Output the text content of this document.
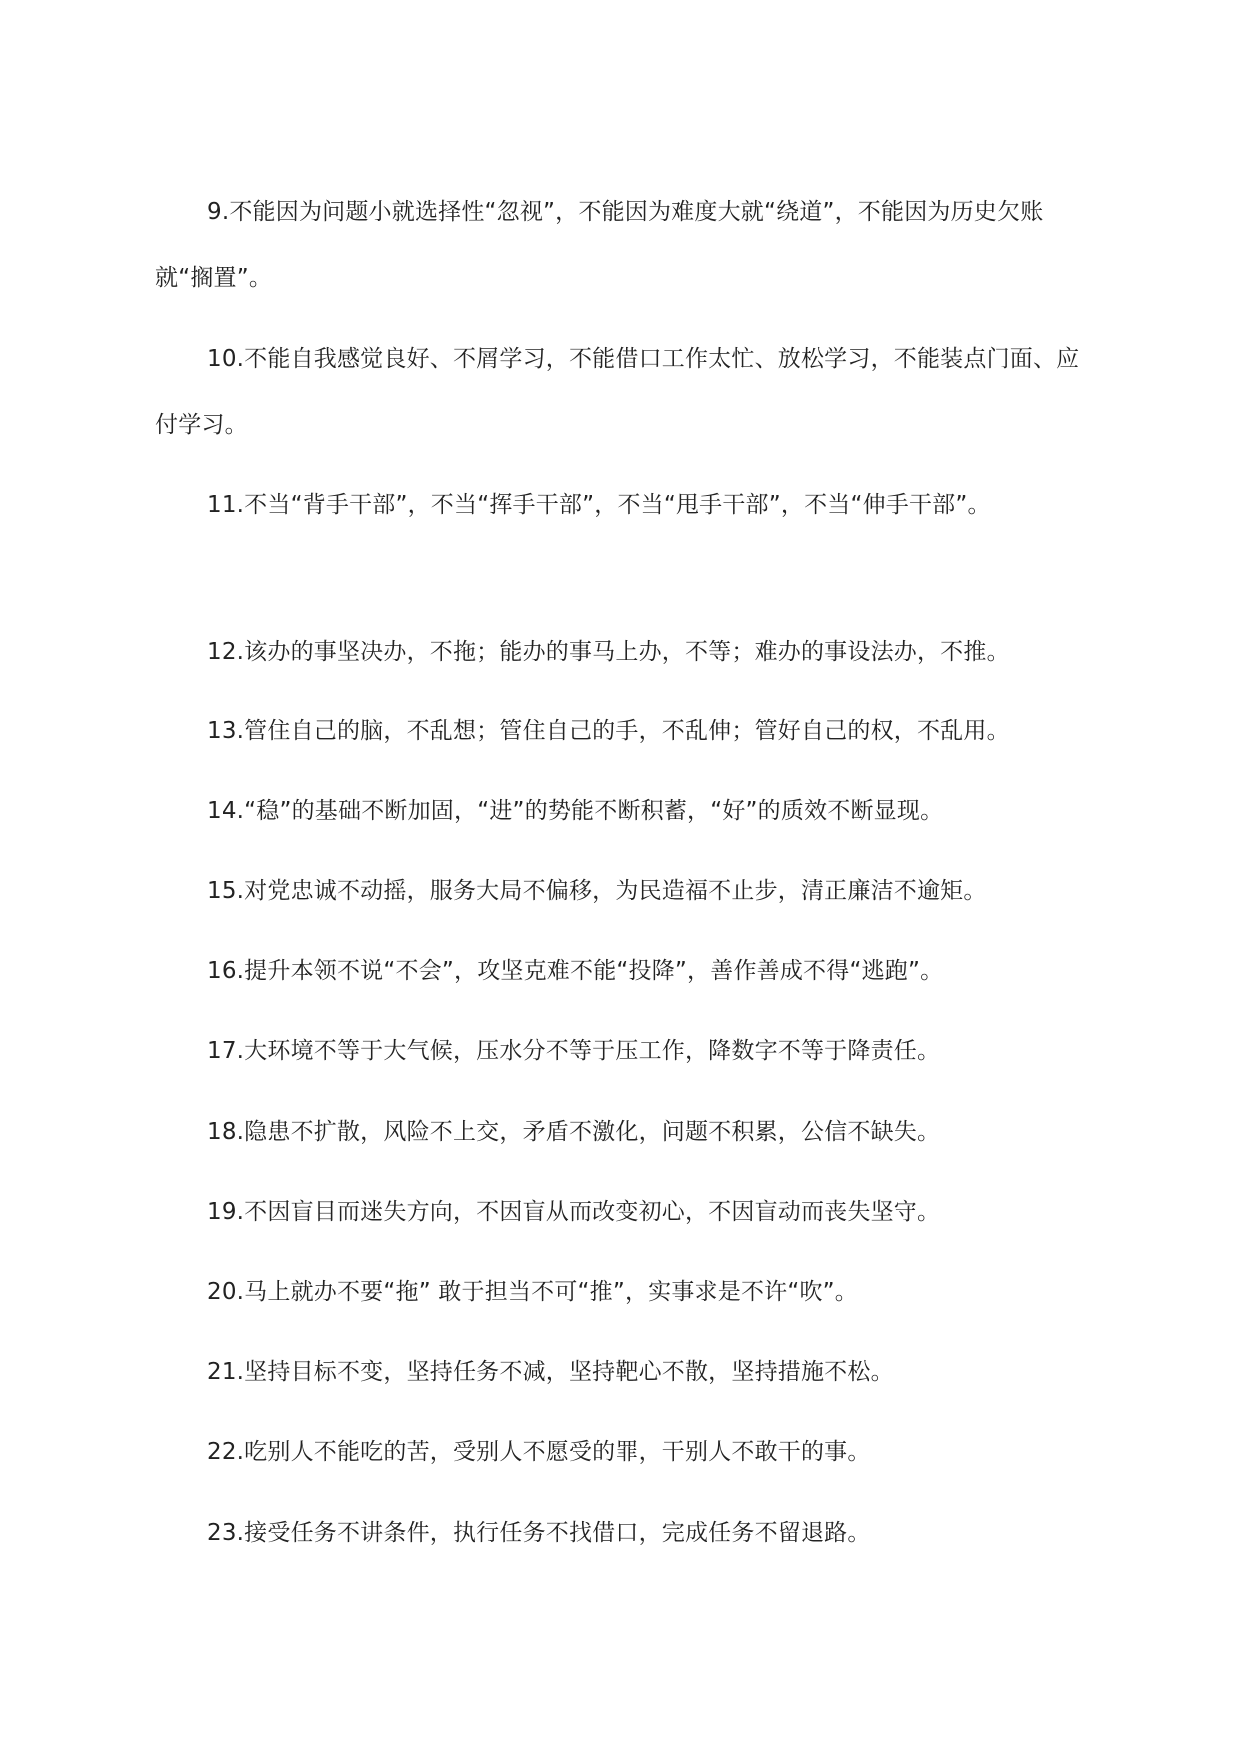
9.不能因为问题小就选择性“忽视”，不能因为难度大就“绕道”，不能因为历史欠账就“搁置”。

10.不能自我感觉良好、不屑学习，不能借口工作太忙、放松学习，不能装点门面、应付学习。

11.不当“背手干部”，不当“挥手干部”，不当“甩手干部”，不当“伸手干部”。

12.该办的事坚决办，不拖；能办的事马上办，不等；难办的事设法办，不推。

13.管住自己的脑，不乱想；管住自己的手，不乱伸；管好自己的权，不乱用。

14.“稳”的基础不断加固，“进”的势能不断积蓄，“好”的质效不断显现。

15.对党忠诚不动摇，服务大局不偏移，为民造福不止步，清正廉洁不逾矩。

16.提升本领不说“不会”，攻坚克难不能“投降”，善作善成不得“逃跑”。

17.大环境不等于大气候，压水分不等于压工作，降数字不等于降责任。

18.隐患不扩散，风险不上交，矛盾不激化，问题不积累，公信不缺失。

19.不因盲目而迷失方向，不因盲从而改变初心，不因盲动而丧失坚守。

20.马上就办不要“拖” 敢于担当不可“推”，实事求是不许“吹”。

21.坚持目标不变，坚持任务不减，坚持靶心不散，坚持措施不松。

22.吃别人不能吃的苦，受别人不愿受的罪，干别人不敢干的事。

23.接受任务不讲条件，执行任务不找借口，完成任务不留退路。
